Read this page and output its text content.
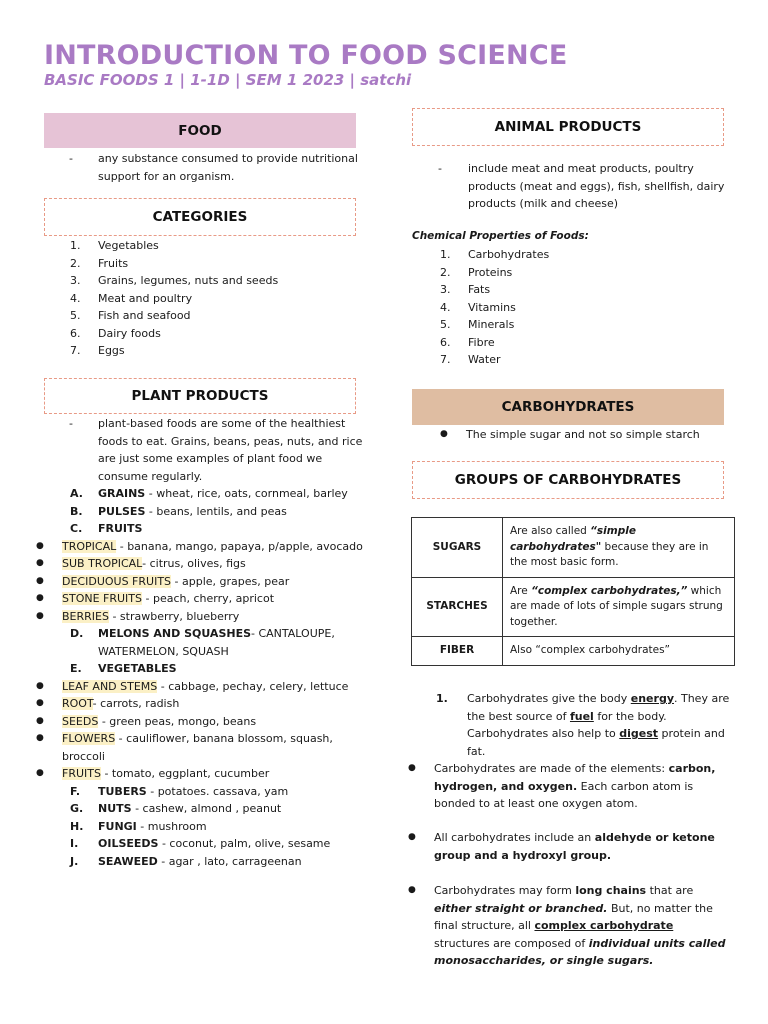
INTRODUCTION TO FOOD SCIENCE
BASIC FOODS 1 | 1-1D | SEM 1 2023 | satchi
FOOD
-	any substance consumed to provide nutritional support for an organism.
CATEGORIES
1.	Vegetables
2.	Fruits
3.	Grains, legumes, nuts and seeds
4.	Meat and poultry
5.	Fish and seafood
6.	Dairy foods
7.	Eggs
PLANT PRODUCTS
-	plant-based foods are some of the healthiest foods to eat. Grains, beans, peas, nuts, and rice are just some examples of plant food we consume regularly.
A. GRAINS - wheat, rice, oats, cornmeal, barley
B. PULSES - beans, lentils, and peas
C. FRUITS
●	TROPICAL - banana, mango, papaya, p/apple, avocado
●	SUB TROPICAL- citrus, olives, figs
●	DECIDUOUS FRUITS - apple, grapes, pear
●	STONE FRUITS - peach, cherry, apricot
●	BERRIES - strawberry, blueberry
D.	MELONS AND SQUASHES- CANTALOUPE, WATERMELON, SQUASH
E. VEGETABLES
●	LEAF AND STEMS - cabbage, pechay, celery, lettuce
●	ROOT- carrots, radish
●	SEEDS - green peas, mongo, beans
●	FLOWERS - cauliflower, banana blossom, squash, broccoli
●	FRUITS - tomato, eggplant, cucumber
F. TUBERS - potatoes. cassava, yam
G. NUTS - cashew, almond , peanut
H. FUNGI - mushroom
I. OILSEEDS - coconut, palm, olive, sesame
J. SEAWEED - agar , lato, carrageenan
ANIMAL PRODUCTS
-	include meat and meat products, poultry products (meat and eggs), fish, shellfish, dairy products (milk and cheese)
Chemical Properties of Foods:
1.	Carbohydrates
2.	Proteins
3.	Fats
4.	Vitamins
5.	Minerals
6.	Fibre
7.	Water
CARBOHYDRATES
●	The simple sugar and not so simple starch
GROUPS OF CARBOHYDRATES
SUGARS	Are also called “simple carbohydrates" because they are in the most basic form.
STARCHES	Are “complex carbohydrates,” which are made of lots of simple sugars strung together.
FIBER	Also “complex carbohydrates”
1.	Carbohydrates give the body energy. They are the best source of fuel for the body. Carbohydrates also help to digest protein and fat.
●	Carbohydrates are made of the elements: carbon, hydrogen, and oxygen. Each carbon atom is bonded to at least one oxygen atom.
●	All carbohydrates include an aldehyde or ketone group and a hydroxyl group.
●	Carbohydrates may form long chains that are either straight or branched. But, no matter the final structure, all complex carbohydrate structures are composed of individual units called monosaccharides, or single sugars.
